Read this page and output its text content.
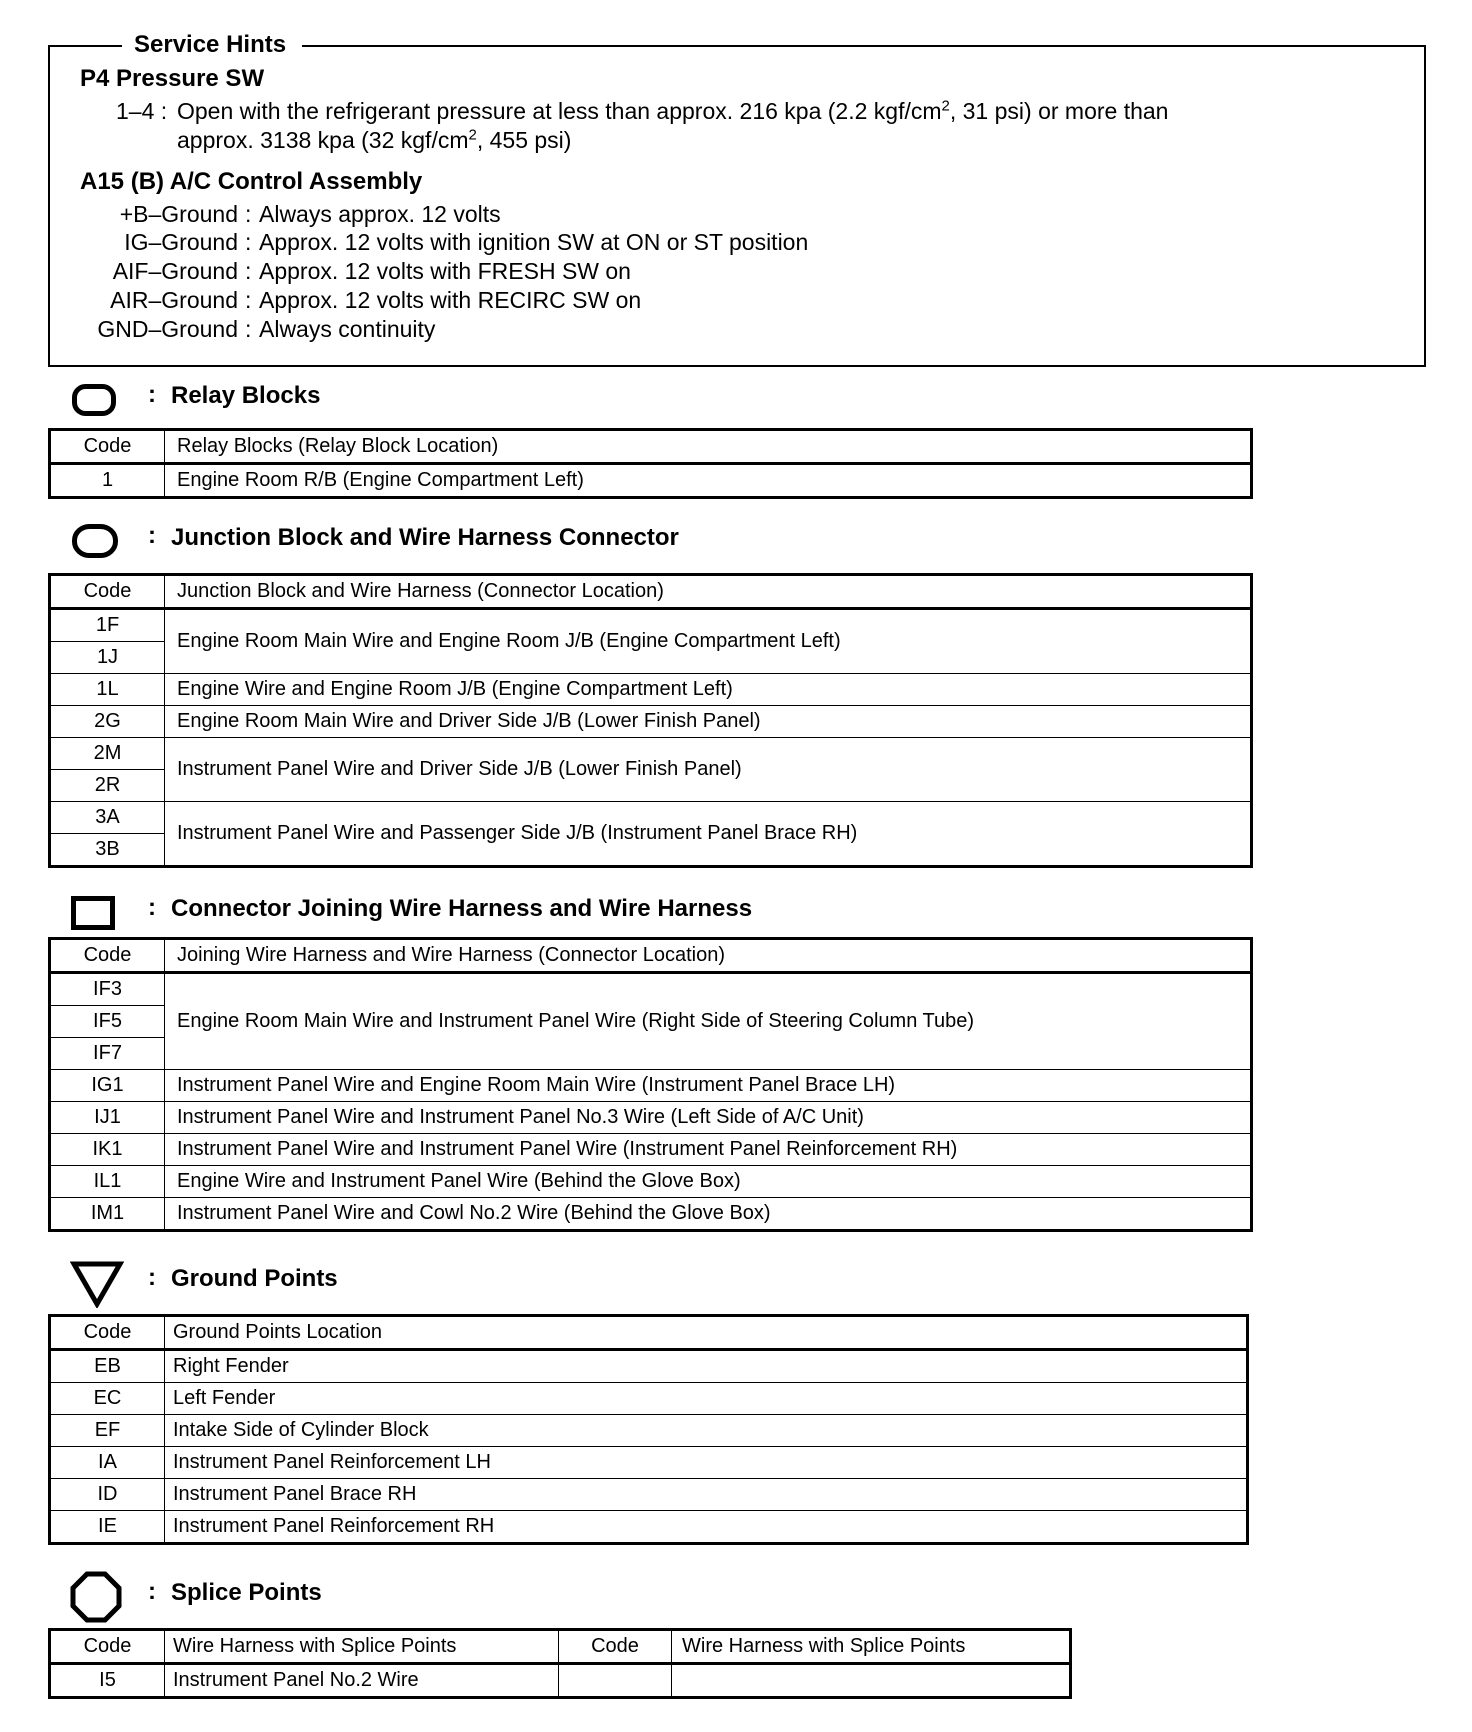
Service Hints
P4 Pressure SW
1–4 : Open with the refrigerant pressure at less than approx. 216 kpa (2.2 kgf/$cm^2$, 31 psi) or more than
approx. 3138 kpa (32 kgf/$cm^2$, 455 psi)
A15 (B) A/C Control Assembly
+B–Ground : Always approx. 12 volts
IG–Ground : Approx. 12 volts with ignition SW at ON or ST position
AIF–Ground : Approx. 12 volts with FRESH SW on
AIR–Ground : Approx. 12 volts with RECIRC SW on
GND–Ground : Always continuity
: Relay Blocks
Code	Relay Blocks (Relay Block Location)
1	Engine Room R/B (Engine Compartment Left)
: Junction Block and Wire Harness Connector
Code	Junction Block and Wire Harness (Connector Location)
1F	Engine Room Main Wire and Engine Room J/B (Engine Compartment Left)
1J	
1L	Engine Wire and Engine Room J/B (Engine Compartment Left)
2G	Engine Room Main Wire and Driver Side J/B (Lower Finish Panel)
2M	Instrument Panel Wire and Driver Side J/B (Lower Finish Panel)
2R	
3A	Instrument Panel Wire and Passenger Side J/B (Instrument Panel Brace RH)
3B	
: Connector Joining Wire Harness and Wire Harness
Code	Joining Wire Harness and Wire Harness (Connector Location)
IF3	Engine Room Main Wire and Instrument Panel Wire (Right Side of Steering Column Tube)
IF5	
IF7	
IG1	Instrument Panel Wire and Engine Room Main Wire (Instrument Panel Brace LH)
IJ1	Instrument Panel Wire and Instrument Panel No.3 Wire (Left Side of A/C Unit)
IK1	Instrument Panel Wire and Instrument Panel Wire (Instrument Panel Reinforcement RH)
IL1	Engine Wire and Instrument Panel Wire (Behind the Glove Box)
IM1	Instrument Panel Wire and Cowl No.2 Wire (Behind the Glove Box)
: Ground Points
Code	Ground Points Location
EB	Right Fender
EC	Left Fender
EF	Intake Side of Cylinder Block
IA	Instrument Panel Reinforcement LH
ID	Instrument Panel Brace RH
IE	Instrument Panel Reinforcement RH
: Splice Points
Code	Wire Harness with Splice Points	Code	Wire Harness with Splice Points
I5	Instrument Panel No.2 Wire		
